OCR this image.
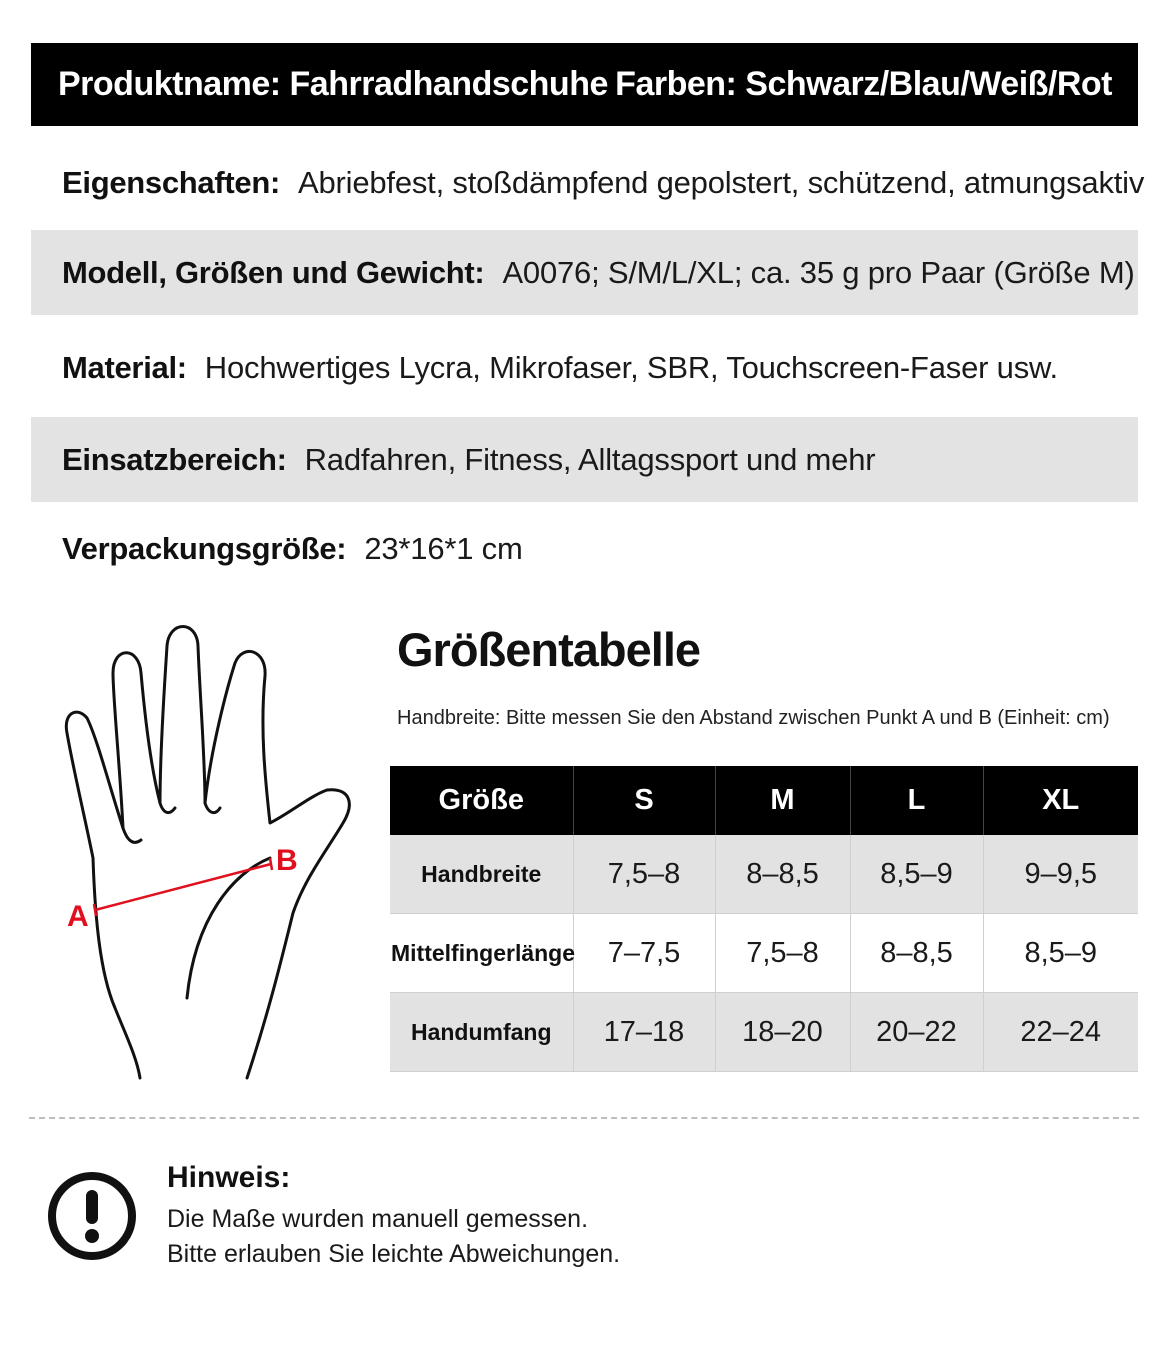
Produktname: Fahrradhandschuhe Farben: Schwarz/Blau/Weiß/Rot
Eigenschaften: Abriebfest, stoßdämpfend gepolstert, schützend, atmungsaktiv
Modell, Größen und Gewicht: A0076; S/M/L/XL; ca. 35 g pro Paar (Größe M)
Material: Hochwertiges Lycra, Mikrofaser, SBR, Touchscreen-Faser usw.
Einsatzbereich: Radfahren, Fitness, Alltagssport und mehr
Verpackungsgröße: 23*16*1 cm
A
B
Größentabelle
Handbreite: Bitte messen Sie den Abstand zwischen Punkt A und B (Einheit: cm)
Größe	S	M	L	XL
Handbreite	7,5–8	8–8,5	8,5–9	9–9,5
Mittelfingerlänge	7–7,5	7,5–8	8–8,5	8,5–9
Handumfang	17–18	18–20	20–22	22–24
Hinweis:
Die Maße wurden manuell gemessen.
Bitte erlauben Sie leichte Abweichungen.
